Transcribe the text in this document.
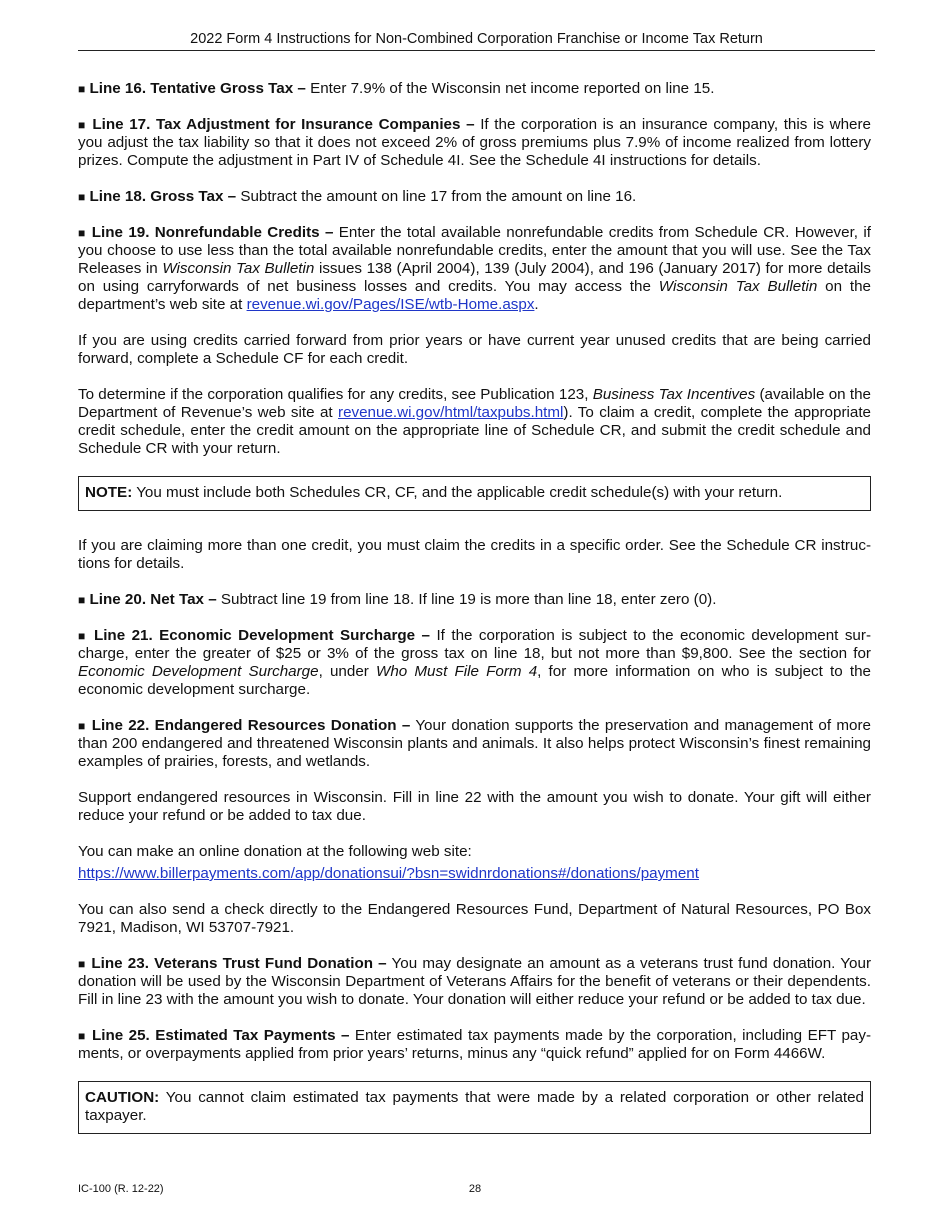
2022 Form 4 Instructions for Non-Combined Corporation Franchise or Income Tax Return

■ Line 16. Tentative Gross Tax – Enter 7.9% of the Wisconsin net income reported on line 15.

■ Line 17. Tax Adjustment for Insurance Companies – If the corporation is an insurance company, this is where you adjust the tax liability so that it does not exceed 2% of gross premiums plus 7.9% of income realized from lottery prizes. Compute the adjustment in Part IV of Schedule 4I. See the Schedule 4I instructions for details.

■ Line 18. Gross Tax – Subtract the amount on line 17 from the amount on line 16.

■ Line 19. Nonrefundable Credits – Enter the total available nonrefundable credits from Schedule CR. However, if you choose to use less than the total available nonrefundable credits, enter the amount that you will use. See the Tax Releases in Wisconsin Tax Bulletin issues 138 (April 2004), 139 (July 2004), and 196 (January 2017) for more details on using carryforwards of net business losses and credits. You may access the Wisconsin Tax Bulletin on the department’s web site at revenue.wi.gov/Pages/ISE/wtb-Home.aspx.

If you are using credits carried forward from prior years or have current year unused credits that are being carried forward, complete a Schedule CF for each credit.

To determine if the corporation qualifies for any credits, see Publication 123, Business Tax Incentives (available on the Department of Revenue’s web site at revenue.wi.gov/html/taxpubs.html). To claim a credit, complete the appropriate credit schedule, enter the credit amount on the appropriate line of Schedule CR, and submit the credit schedule and Schedule CR with your return.

NOTE: You must include both Schedules CR, CF, and the applicable credit schedule(s) with your return.

If you are claiming more than one credit, you must claim the credits in a specific order. See the Schedule CR instructions for details.

■ Line 20. Net Tax – Subtract line 19 from line 18. If line 19 is more than line 18, enter zero (0).

■ Line 21. Economic Development Surcharge – If the corporation is subject to the economic development surcharge, enter the greater of $25 or 3% of the gross tax on line 18, but not more than $9,800. See the section for Economic Development Surcharge, under Who Must File Form 4, for more information on who is subject to the economic development surcharge.

■ Line 22. Endangered Resources Donation – Your donation supports the preservation and management of more than 200 endangered and threatened Wisconsin plants and animals. It also helps protect Wisconsin’s finest remaining examples of prairies, forests, and wetlands.

Support endangered resources in Wisconsin. Fill in line 22 with the amount you wish to donate. Your gift will either reduce your refund or be added to tax due.

You can make an online donation at the following web site:

https://www.billerpayments.com/app/donationsui/?bsn=swidnrdonations#/donations/payment

You can also send a check directly to the Endangered Resources Fund, Department of Natural Resources, PO Box 7921, Madison, WI 53707-7921.

■ Line 23. Veterans Trust Fund Donation – You may designate an amount as a veterans trust fund donation. Your donation will be used by the Wisconsin Department of Veterans Affairs for the benefit of veterans or their dependents. Fill in line 23 with the amount you wish to donate. Your donation will either reduce your refund or be added to tax due.

■ Line 25. Estimated Tax Payments – Enter estimated tax payments made by the corporation, including EFT payments, or overpayments applied from prior years’ returns, minus any “quick refund” applied for on Form 4466W.

CAUTION: You cannot claim estimated tax payments that were made by a related corporation or other related taxpayer.
IC-100 (R. 12-22)	28
